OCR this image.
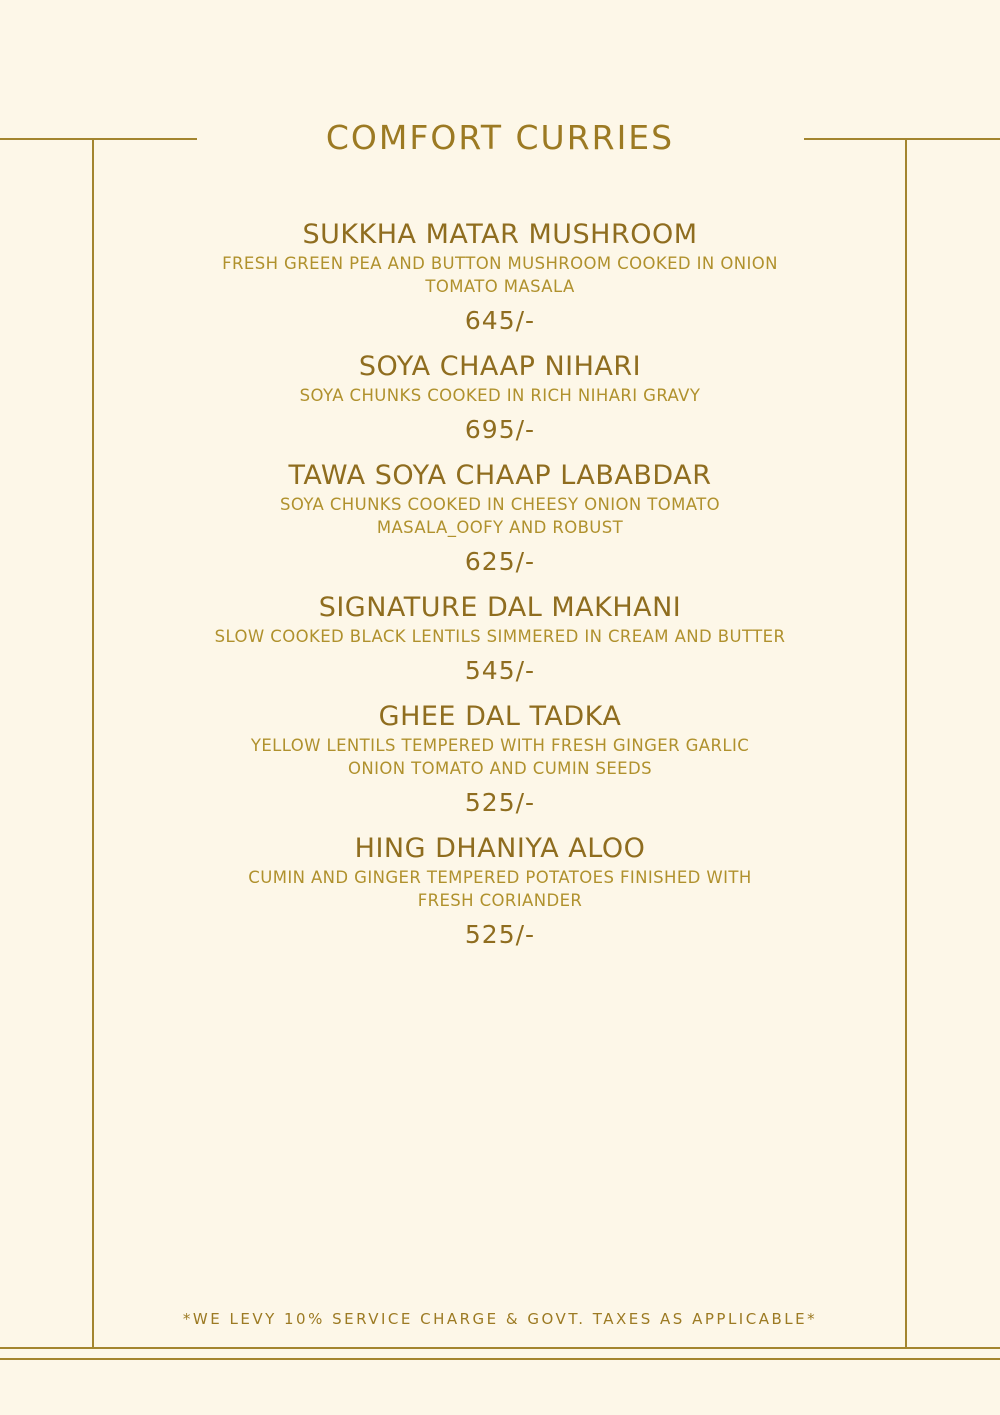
COMFORT CURRIES
SUKKHA MATAR MUSHROOM
FRESH GREEN PEA AND BUTTON MUSHROOM COOKED IN ONION TOMATO MASALA
645/-
SOYA CHAAP NIHARI
SOYA CHUNKS COOKED IN RICH NIHARI GRAVY
695/-
TAWA SOYA CHAAP LABABDAR
SOYA CHUNKS COOKED IN CHEESY ONION TOMATO MASALA_OOFY AND ROBUST
625/-
SIGNATURE DAL MAKHANI
SLOW COOKED BLACK LENTILS SIMMERED IN CREAM AND BUTTER
545/-
GHEE DAL TADKA
YELLOW LENTILS TEMPERED WITH FRESH GINGER GARLIC ONION TOMATO AND CUMIN SEEDS
525/-
HING DHANIYA ALOO
CUMIN AND GINGER TEMPERED POTATOES FINISHED WITH FRESH CORIANDER
525/-
*WE LEVY 10% SERVICE CHARGE & GOVT. TAXES AS APPLICABLE*
